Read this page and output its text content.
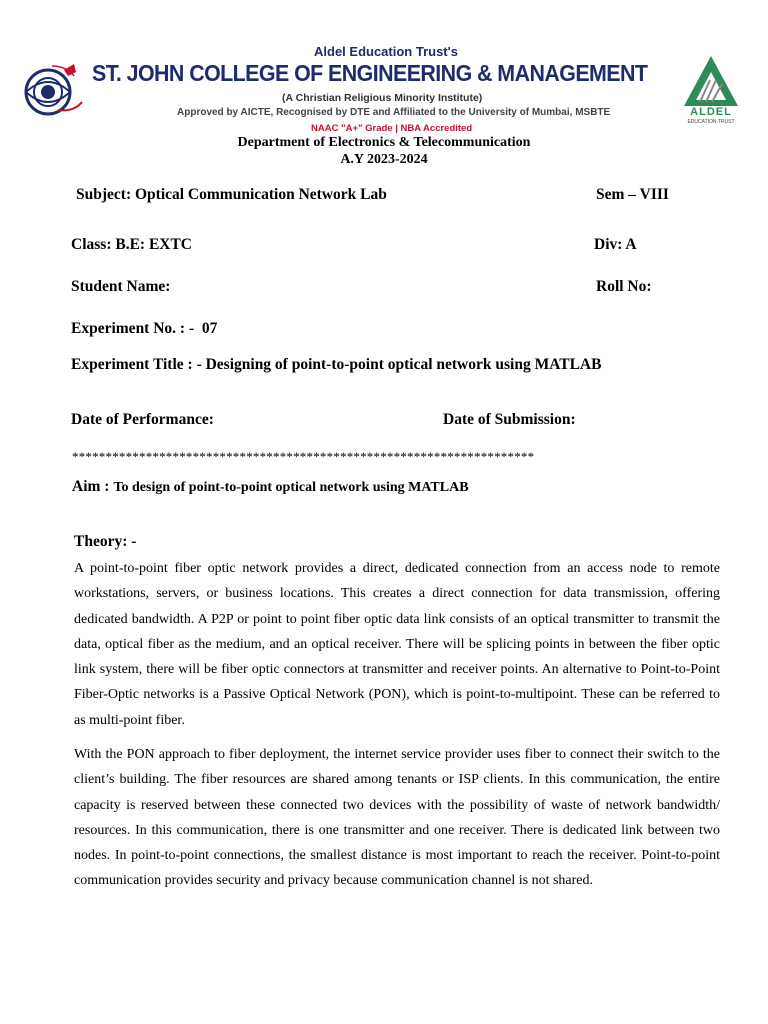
Aldel Education Trust's
ST. JOHN COLLEGE OF ENGINEERING & MANAGEMENT
(A Christian Religious Minority Institute)
Approved by AICTE, Recognised by DTE and Affiliated to the University of Mumbai, MSBTE
NAAC "A+" Grade | NBA Accredited
ALDEL
EDUCATION TRUST
Department of Electronics & Telecommunication
A.Y 2023-2024
Subject: Optical Communication Network Lab	Sem – VIII
Class: B.E: EXTC	Div: A
Student Name:	Roll No:
Experiment No. : -  07
Experiment Title : - Designing of point-to-point optical network using MATLAB
Date of Performance:	Date of Submission:
*********************************************************************
Aim : To design of point-to-point optical network using MATLAB
Theory: -
A point-to-point fiber optic network provides a direct, dedicated connection from an access node to remote workstations, servers, or business locations. This creates a direct connection for data transmission, offering dedicated bandwidth. A P2P or point to point fiber optic data link consists of an optical transmitter to transmit the data, optical fiber as the medium, and an optical receiver. There will be splicing points in between the fiber optic link system, there will be fiber optic connectors at transmitter and receiver points. An alternative to Point-to-Point Fiber-Optic networks is a Passive Optical Network (PON), which is point-to-multipoint. These can be referred to as multi-point fiber.
With the PON approach to fiber deployment, the internet service provider uses fiber to connect their switch to the client’s building. The fiber resources are shared among tenants or ISP clients. In this communication, the entire capacity is reserved between these connected two devices with the possibility of waste of network bandwidth/ resources. In this communication, there is one transmitter and one receiver. There is dedicated link between two nodes. In point-to-point connections, the smallest distance is most important to reach the receiver. Point-to-point communication provides security and privacy because communication channel is not shared.
